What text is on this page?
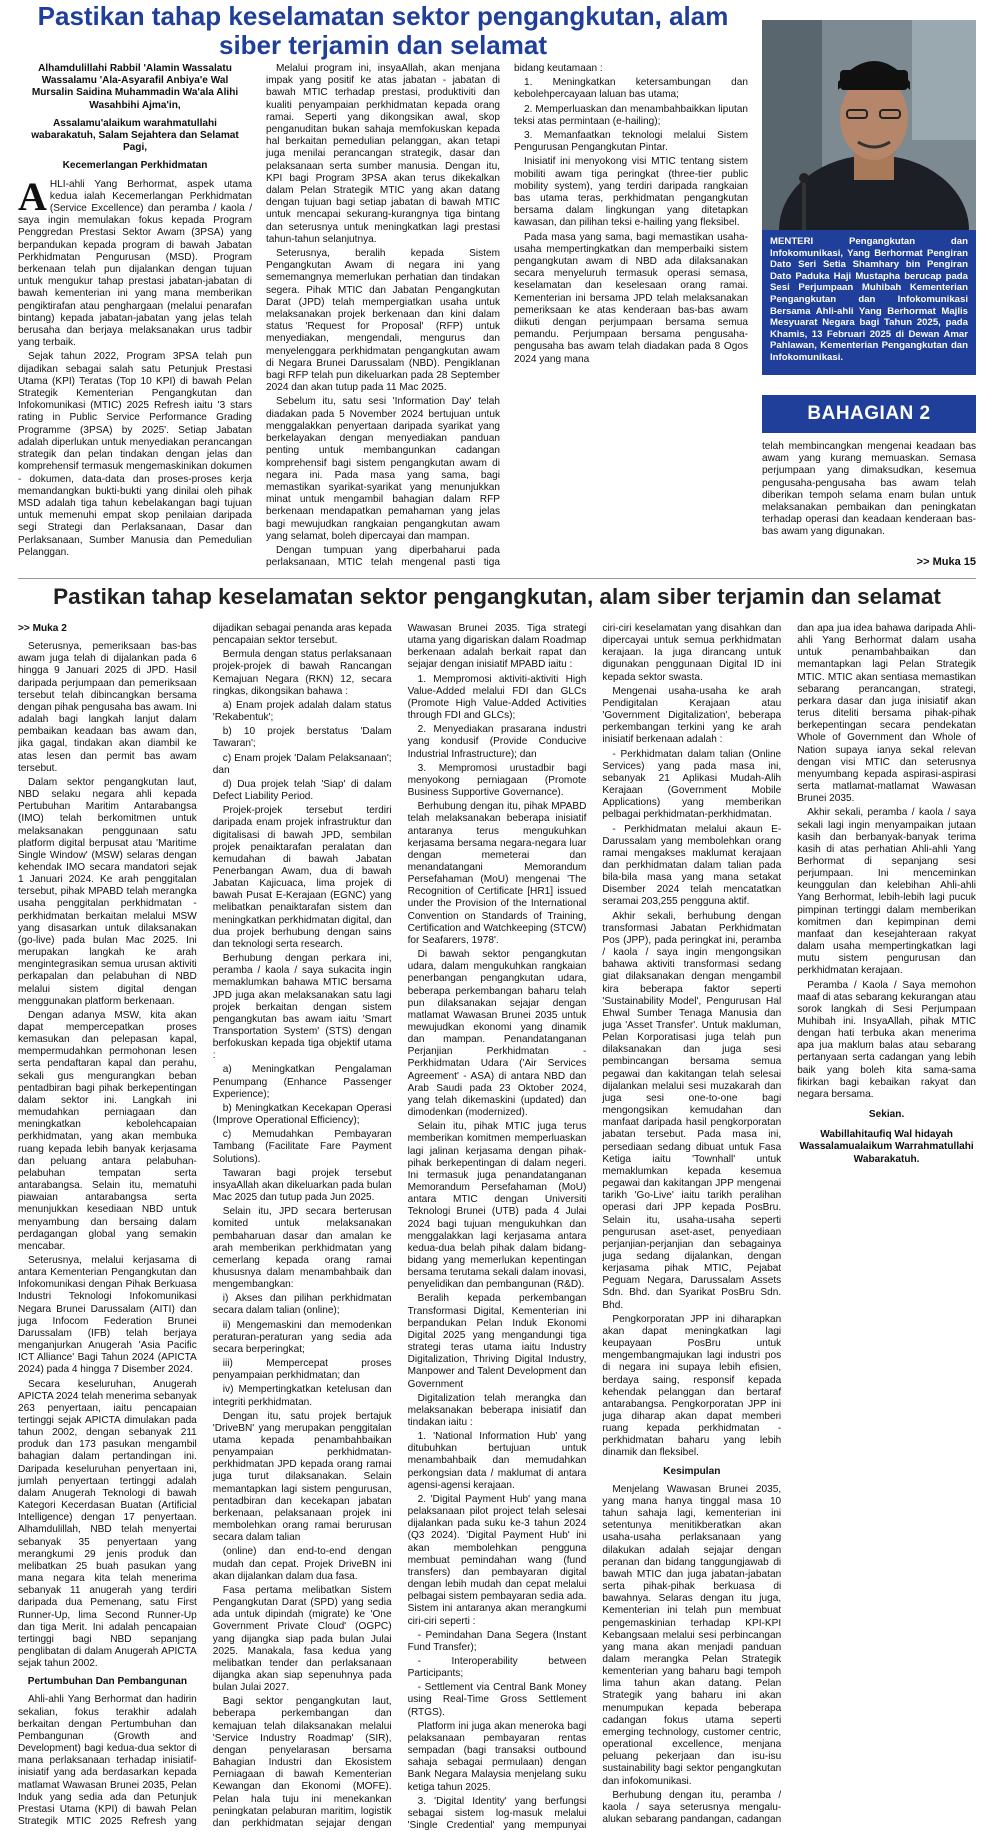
Pastikan tahap keselamatan sektor pengangkutan, alam siber terjamin dan selamat

Alhamdulillahi Rabbil 'Alamin Wassalatu Wassalamu 'Ala-Asyarafil Anbiya'e Wal Mursalin Saidina Muhammadin Wa'ala Alihi Wasahbihi Ajma'in,

Assalamu'alaikum warahmatullahi wabarakatuh, Salam Sejahtera dan Selamat Pagi,

Kecemerlangan Perkhidmatan

AHLI-ahli Yang Berhormat, aspek utama kedua ialah Kecemerlangan Perkhidmatan (Service Excellence) dan peramba / kaola / saya ingin memulakan fokus kepada Program Penggredan Prestasi Sektor Awam (3PSA) yang berpandukan kepada program di bawah Jabatan Perkhidmatan Pengurusan (MSD). Program berkenaan telah pun dijalankan dengan tujuan untuk mengukur tahap prestasi jabatan-jabatan di bawah kementerian ini yang mana memberikan pengiktirafan atau penghargaan (melalui penarafan bintang) kepada jabatan-jabatan yang jelas telah berusaha dan berjaya melaksanakan urus tadbir yang terbaik.

Sejak tahun 2022, Program 3PSA telah pun dijadikan sebagai salah satu Petunjuk Prestasi Utama (KPI) Teratas (Top 10 KPI) di bawah Pelan Strategik Kementerian Pengangkutan dan Infokomunikasi (MTIC) 2025 Refresh iaitu '3 stars rating in Public Service Performance Grading Programme (3PSA) by 2025'. Setiap Jabatan adalah diperlukan untuk menyediakan perancangan strategik dan pelan tindakan dengan jelas dan komprehensif termasuk mengemaskinikan dokumen - dokumen, data-data dan proses-proses kerja memandangkan bukti-bukti yang dinilai oleh pihak MSD adalah tiga tahun kebelakangan bagi tujuan untuk memenuhi empat skop penilaian daripada segi Strategi dan Perlaksanaan, Dasar dan Perlaksanaan, Sumber Manusia dan Pemedulian Pelanggan.

Melalui program ini, insyaAllah, akan menjana impak yang positif ke atas jabatan - jabatan di bawah MTIC terhadap prestasi, produktiviti dan kualiti penyampaian perkhidmatan kepada orang ramai. Seperti yang dikongsikan awal, skop penganuditan bukan sahaja memfokuskan kepada hal berkaitan pemedulian pelanggan, akan tetapi juga menilai perancangan strategik, dasar dan pelaksanaan serta sumber manusia. Dengan itu, KPI bagi Program 3PSA akan terus dikekalkan dalam Pelan Strategik MTIC yang akan datang dengan tujuan bagi setiap jabatan di bawah MTIC untuk mencapai sekurang-kurangnya tiga bintang dan seterusnya untuk meningkatkan lagi prestasi tahun-tahun selanjutnya.

Seterusnya, beralih kepada Sistem Pengangkutan Awam di negara ini yang sememangnya memerlukan perhatian dan tindakan segera. Pihak MTIC dan Jabatan Pengangkutan Darat (JPD) telah mempergiatkan usaha untuk melaksanakan projek berkenaan dan kini dalam status 'Request for Proposal' (RFP) untuk menyediakan, mengendali, mengurus dan menyelenggara perkhidmatan pengangkutan awam di Negara Brunei Darussalam (NBD). Pengiklanan bagi RFP telah pun dikeluarkan pada 28 September 2024 dan akan tutup pada 11 Mac 2025.

Sebelum itu, satu sesi 'Information Day' telah diadakan pada 5 November 2024 bertujuan untuk menggalakkan penyertaan daripada syarikat yang berkelayakan dengan menyediakan panduan penting untuk membangunkan cadangan komprehensif bagi sistem pengangkutan awam di negara ini. Pada masa yang sama, bagi memastikan syarikat-syarikat yang menunjukkan minat untuk mengambil bahagian dalam RFP berkenaan mendapatkan pemahaman yang jelas bagi mewujudkan rangkaian pengangkutan awam yang selamat, boleh dipercayai dan mampan.

Dengan tumpuan yang diperbaharui pada perlaksanaan, MTIC telah mengenal pasti tiga bidang keutamaan :

1. Meningkatkan ketersambungan dan kebolehpercayaan laluan bas utama;

2. Memperluaskan dan menambahbaikkan liputan teksi atas permintaan (e-hailing);

3. Memanfaatkan teknologi melalui Sistem Pengurusan Pengangkutan Pintar.

Inisiatif ini menyokong visi MTIC tentang sistem mobiliti awam tiga peringkat (three-tier public mobility system), yang terdiri daripada rangkaian bas utama teras, perkhidmatan pengangkutan bersama dalam lingkungan yang ditetapkan kawasan, dan pilihan teksi e-hailing yang fleksibel.

Pada masa yang sama, bagi memastikan usaha-usaha mempertingkatkan dan memperbaiki sistem pengangkutan awam di NBD ada dilaksanakan secara menyeluruh termasuk operasi semasa, keselamatan dan keselesaan orang ramai. Kementerian ini bersama JPD telah melaksanakan pemeriksaan ke atas kenderaan bas-bas awam diikuti dengan perjumpaan bersama semua pemandu. Perjumpaan bersama pengusaha-pengusaha bas awam telah diadakan pada 8 Ogos 2024 yang mana

MENTERI Pengangkutan dan Infokomunikasi, Yang Berhormat Pengiran Dato Seri Setia Shamhary bin Pengiran Dato Paduka Haji Mustapha berucap pada Sesi Perjumpaan Muhibah Kementerian Pengangkutan dan Infokomunikasi Bersama Ahli-ahli Yang Berhormat Majlis Mesyuarat Negara bagi Tahun 2025, pada Khamis, 13 Februari 2025 di Dewan Amar Pahlawan, Kementerian Pengangkutan dan Infokomunikasi.
BAHAGIAN 2
telah membincangkan mengenai keadaan bas awam yang kurang memuaskan. Semasa perjumpaan yang dimaksudkan, kesemua pengusaha-pengusaha bas awam telah diberikan tempoh selama enam bulan untuk melaksanakan pembaikan dan peningkatan terhadap operasi dan keadaan kenderaan bas-bas awam yang digunakan.
>> Muka 15
Pastikan tahap keselamatan sektor pengangkutan, alam siber terjamin dan selamat

>> Muka 2

Seterusnya, pemeriksaan bas-bas awam juga telah di dijalankan pada 6 hingga 9 Januari 2025 di JPD. Hasil daripada perjumpaan dan pemeriksaan tersebut telah dibincangkan bersama dengan pihak pengusaha bas awam. Ini adalah bagi langkah lanjut dalam pembaikan keadaan bas awam dan, jika gagal, tindakan akan diambil ke atas lesen dan permit bas awam tersebut.

Dalam sektor pengangkutan laut, NBD selaku negara ahli kepada Pertubuhan Maritim Antarabangsa (IMO) telah berkomitmen untuk melaksanakan penggunaan satu platform digital berpusat atau 'Maritime Single Window' (MSW) selaras dengan kehendak IMO secara mandatori sejak 1 Januari 2024. Ke arah penggitalan tersebut, pihak MPABD telah merangka usaha penggitalan perkhidmatan - perkhidmatan berkaitan melalui MSW yang disasarkan untuk dilaksanakan (go-live) pada bulan Mac 2025. Ini merupakan langkah ke arah mengintegrasikan semua urusan aktiviti perkapalan dan pelabuhan di NBD melalui sistem digital dengan menggunakan platform berkenaan.

Dengan adanya MSW, kita akan dapat mempercepatkan proses kemasukan dan pelepasan kapal, mempermudahkan permohonan lesen serta pendaftaran kapal dan perahu, sekali gus mengurangkan beban pentadbiran bagi pihak berkepentingan dalam sektor ini. Langkah ini memudahkan perniagaan dan meningkatkan kebolehcapaian perkhidmatan, yang akan membuka ruang kepada lebih banyak kerjasama dan peluang antara pelabuhan-pelabuhan tempatan serta antarabangsa. Selain itu, mematuhi piawaian antarabangsa serta menunjukkan kesediaan NBD untuk menyambung dan bersaing dalam perdagangan global yang semakin mencabar.

Seterusnya, melalui kerjasama di antara Kementerian Pengangkutan dan Infokomunikasi dengan Pihak Berkuasa Industri Teknologi Infokomunikasi Negara Brunei Darussalam (AITI) dan juga Infocom Federation Brunei Darussalam (IFB) telah berjaya menganjurkan Anugerah 'Asia Pacific ICT Alliance' Bagi Tahun 2024 (APICTA 2024) pada 4 hingga 7 Disember 2024.

Secara keseluruhan, Anugerah APICTA 2024 telah menerima sebanyak 263 penyertaan, iaitu pencapaian tertinggi sejak APICTA dimulakan pada tahun 2002, dengan sebanyak 211 produk dan 173 pasukan mengambil bahagian dalam pertandingan ini. Daripada keseluruhan penyertaan ini, jumlah penyertaan tertinggi adalah dalam Anugerah Teknologi di bawah Kategori Kecerdasan Buatan (Artificial Intelligence) dengan 17 penyertaan. Alhamdulillah, NBD telah menyertai sebanyak 35 penyertaan yang merangkumi 29 jenis produk dan melibatkan 25 buah pasukan yang mana negara kita telah menerima sebanyak 11 anugerah yang terdiri daripada dua Pemenang, satu First Runner-Up, lima Second Runner-Up dan tiga Merit. Ini adalah pencapaian tertinggi bagi NBD sepanjang penglibatan di dalam Anugerah APICTA sejak tahun 2002.

Pertumbuhan Dan Pembangunan

Ahli-ahli Yang Berhormat dan hadirin sekalian, fokus terakhir adalah berkaitan dengan Pertumbuhan dan Pembangunan (Growth and Development) bagi kedua-dua sektor di mana perlaksanaan terhadap inisiatif-inisiatif yang ada berdasarkan kepada matlamat Wawasan Brunei 2035, Pelan Induk yang sedia ada dan Petunjuk Prestasi Utama (KPI) di bawah Pelan Strategik MTIC 2025 Refresh yang dijadikan sebagai penanda aras kepada pencapaian sektor tersebut.

Bermula dengan status perlaksanaan projek-projek di bawah Rancangan Kemajuan Negara (RKN) 12, secara ringkas, dikongsikan bahawa :

a) Enam projek adalah dalam status 'Rekabentuk';

b) 10 projek berstatus 'Dalam Tawaran';

c) Enam projek 'Dalam Pelaksanaan'; dan

d) Dua projek telah 'Siap' di dalam Defect Liability Period.

Projek-projek tersebut terdiri daripada enam projek infrastruktur dan digitalisasi di bawah JPD, sembilan projek penaiktarafan peralatan dan kemudahan di bawah Jabatan Penerbangan Awam, dua di bawah Jabatan Kajicuaca, lima projek di bawah Pusat E-Kerajaan (EGNC) yang melibatkan penaiktarafan sistem dan meningkatkan perkhidmatan digital, dan dua projek berhubung dengan sains dan teknologi serta research.

Berhubung dengan perkara ini, peramba / kaola / saya sukacita ingin memaklumkan bahawa MTIC bersama JPD juga akan melaksanakan satu lagi projek berkaitan dengan sistem pengangkutan bas awam iaitu 'Smart Transportation System' (STS) dengan berfokuskan kepada tiga objektif utama :

a) Meningkatkan Pengalaman Penumpang (Enhance Passenger Experience);

b) Meningkatkan Kecekapan Operasi (Improve Operational Efficiency);

c) Memudahkan Pembayaran Tambang (Facilitate Fare Payment Solutions).

Tawaran bagi projek tersebut insyaAllah akan dikeluarkan pada bulan Mac 2025 dan tutup pada Jun 2025.

Selain itu, JPD secara berterusan komited untuk melaksanakan pembaharuan dasar dan amalan ke arah memberikan perkhidmatan yang cemerlang kepada orang ramai khususnya dalam menambahbaik dan mengembangkan:

i) Akses dan pilihan perkhidmatan secara dalam talian (online);

ii) Mengemaskini dan memodenkan peraturan-peraturan yang sedia ada secara berperingkat;

iii) Mempercepat proses penyampaian perkhidmatan; dan

iv) Mempertingkatkan ketelusan dan integriti perkhidmatan.

Dengan itu, satu projek bertajuk 'DriveBN' yang merupakan penggitalan utama kepada penambahbaikan penyampaian perkhidmatan-perkhidmatan JPD kepada orang ramai juga turut dilaksanakan. Selain memantapkan lagi sistem pengurusan, pentadbiran dan kecekapan jabatan berkenaan, pelaksanaan projek ini membolehkan orang ramai berurusan secara dalam talian

(online) dan end-to-end dengan mudah dan cepat. Projek DriveBN ini akan dijalankan dalam dua fasa.

Fasa pertama melibatkan Sistem Pengangkutan Darat (SPD) yang sedia ada untuk dipindah (migrate) ke 'One Government Private Cloud' (OGPC) yang dijangka siap pada bulan Julai 2025. Manakala, fasa kedua yang melibatkan tender dan perlaksanaan dijangka akan siap sepenuhnya pada bulan Julai 2027.

Bagi sektor pengangkutan laut, beberapa perkembangan dan kemajuan telah dilaksanakan melalui 'Service Industry Roadmap' (SIR), dengan penyelarasan bersama Bahagian Industri dan Ekosistem Perniagaan di bawah Kementerian Kewangan dan Ekonomi (MOFE). Pelan hala tuju ini menekankan peningkatan pelaburan maritim, logistik dan perkhidmatan sejajar dengan Wawasan Brunei 2035. Tiga strategi utama yang digariskan dalam Roadmap berkenaan adalah berkait rapat dan sejajar dengan inisiatif MPABD iaitu :

1. Mempromosi aktiviti-aktiviti High Value-Added melalui FDI dan GLCs (Promote High Value-Added Activities through FDI and GLCs);

2. Menyediakan prasarana industri yang kondusif (Provide Conducive Industrial Infrastructure); dan

3. Mempromosi urustadbir bagi menyokong perniagaan (Promote Business Supportive Governance).

Berhubung dengan itu, pihak MPABD telah melaksanakan beberapa inisiatif antaranya terus mengukuhkan kerjasama bersama negara-negara luar dengan memeterai dan menandatangani Memorandum Persefahaman (MoU) mengenai 'The Recognition of Certificate [HR1] issued under the Provision of the International Convention on Standards of Training, Certification and Watchkeeping (STCW) for Seafarers, 1978'.

Di bawah sektor pengangkutan udara, dalam mengukuhkan rangkaian penerbangan pengangkutan udara, beberapa perkembangan baharu telah pun dilaksanakan sejajar dengan matlamat Wawasan Brunei 2035 untuk mewujudkan ekonomi yang dinamik dan mampan. Penandatanganan Perjanjian Perkhidmatan - Perkhidmatan Udara ('Air Services Agreement' - ASA) di antara NBD dan Arab Saudi pada 23 Oktober 2024, yang telah dikemaskini (updated) dan dimodenkan (modernized).

Selain itu, pihak MTIC juga terus memberikan komitmen memperluaskan lagi jalinan kerjasama dengan pihak-pihak berkepentingan di dalam negeri. Ini termasuk juga penandatanganan Memorandum Persefahaman (MoU) antara MTIC dengan Universiti Teknologi Brunei (UTB) pada 4 Julai 2024 bagi tujuan mengukuhkan dan menggalakkan lagi kerjasama antara kedua-dua belah pihak dalam bidang-bidang yang memerlukan kepentingan bersama terutama sekali dalam inovasi, penyelidikan dan pembangunan (R&D).

Beralih kepada perkembangan Transformasi Digital, Kementerian ini berpandukan Pelan Induk Ekonomi Digital 2025 yang mengandungi tiga strategi teras utama iaitu Industry Digitalization, Thriving Digital Industry, Manpower and Talent Development dan Government

Digitalization telah merangka dan melaksanakan beberapa inisiatif dan tindakan iaitu :

1. 'National Information Hub' yang ditubuhkan bertujuan untuk menambahbaik dan memudahkan perkongsian data / maklumat di antara agensi-agensi kerajaan.

2. 'Digital Payment Hub' yang mana pelaksanaan pilot project telah selesai dijalankan pada suku ke-3 tahun 2024 (Q3 2024). 'Digital Payment Hub' ini akan membolehkan pengguna membuat pemindahan wang (fund transfers) dan pembayaran digital dengan lebih mudah dan cepat melalui pelbagai sistem pembayaran sedia ada. Sistem ini antaranya akan merangkumi ciri-ciri seperti :

- Pemindahan Dana Segera (Instant Fund Transfer);

- Interoperability between Participants;

- Settlement via Central Bank Money using Real-Time Gross Settlement (RTGS).

Platform ini juga akan meneroka bagi pelaksanaan pembayaran rentas sempadan (bagi transaksi outbound sahaja sebagai permulaan) dengan Bank Negara Malaysia menjelang suku ketiga tahun 2025.

3. 'Digital Identity' yang berfungsi sebagai sistem log-masuk melalui 'Single Credential' yang mempunyai ciri-ciri keselamatan yang disahkan dan dipercayai untuk semua perkhidmatan kerajaan. Ia juga dirancang untuk digunakan penggunaan Digital ID ini kepada sektor swasta.

Mengenai usaha-usaha ke arah Pendigitalan Kerajaan atau 'Government Digitalization', beberapa perkembangan terkini yang ke arah inisiatif berkenaan adalah :

- Perkhidmatan dalam talian (Online Services) yang pada masa ini, sebanyak 21 Aplikasi Mudah-Alih Kerajaan (Government Mobile Applications) yang memberikan pelbagai perkhidmatan-perkhidmatan.

- Perkhidmatan melalui akaun E-Darussalam yang membolehkan orang ramai mengakses maklumat kerajaan dan perkhidmatan dalam talian pada bila-bila masa yang mana setakat Disember 2024 telah mencatatkan seramai 203,255 pengguna aktif.

Akhir sekali, berhubung dengan transformasi Jabatan Perkhidmatan Pos (JPP), pada peringkat ini, peramba / kaola / saya ingin mengongsikan bahawa aktiviti transformasi sedang giat dilaksanakan dengan mengambil kira beberapa faktor seperti 'Sustainability Model', Pengurusan Hal Ehwal Sumber Tenaga Manusia dan juga 'Asset Transfer'. Untuk makluman, Pelan Korporatisasi juga telah pun dilaksanakan dan juga sesi pembincangan bersama semua pegawai dan kakitangan telah selesai dijalankan melalui sesi muzakarah dan juga sesi one-to-one bagi mengongsikan kemudahan dan manfaat daripada hasil pengkorporatan jabatan tersebut. Pada masa ini, persediaan sedang dibuat untuk Fasa Ketiga iaitu 'Townhall' untuk memaklumkan kepada kesemua pegawai dan kakitangan JPP mengenai tarikh 'Go-Live' iaitu tarikh peralihan operasi dari JPP kepada PosBru. Selain itu, usaha-usaha seperti pengurusan aset-aset, penyediaan perjanjian-perjanjian dan sebagainya juga sedang dijalankan, dengan kerjasama pihak MTIC, Pejabat Peguam Negara, Darussalam Assets Sdn. Bhd. dan Syarikat PosBru Sdn. Bhd.

Pengkorporatan JPP ini diharapkan akan dapat meningkatkan lagi keupayaan PosBru untuk mengembangmajukan lagi industri pos di negara ini supaya lebih efisien, berdaya saing, responsif kepada kehendak pelanggan dan bertaraf antarabangsa. Pengkorporatan JPP ini juga diharap akan dapat memberi ruang kepada perkhidmatan - perkhidmatan baharu yang lebih dinamik dan fleksibel.

Kesimpulan

Menjelang Wawasan Brunei 2035, yang mana hanya tinggal masa 10 tahun sahaja lagi, kementerian ini setentunya menitikberatkan akan usaha-usaha perlaksanaan yang dilakukan adalah sejajar dengan peranan dan bidang tanggungjawab di bawah MTIC dan juga jabatan-jabatan serta pihak-pihak berkuasa di bawahnya. Selaras dengan itu juga, Kementerian ini telah pun membuat pengemaskinian terhadap KPI-KPI Kebangsaan melalui sesi perbincangan yang mana akan menjadi panduan dalam merangka Pelan Strategik kementerian yang baharu bagi tempoh lima tahun akan datang. Pelan Strategik yang baharu ini akan menumpukan kepada beberapa cadangan fokus utama seperti emerging technology, customer centric, operational excellence, menjana peluang pekerjaan dan isu-isu sustainability bagi sektor pengangkutan dan infokomunikasi.

Berhubung dengan itu, peramba / kaola / saya seterusnya mengalu-alukan sebarang pandangan, cadangan dan apa jua idea bahawa daripada Ahli-ahli Yang Berhormat dalam usaha untuk penambahbaikan dan memantapkan lagi Pelan Strategik MTIC. MTIC akan sentiasa memastikan sebarang perancangan, strategi, perkara dasar dan juga inisiatif akan terus diteliti bersama pihak-pihak berkepentingan secara pendekatan Whole of Government dan Whole of Nation supaya ianya sekal relevan dengan visi MTIC dan seterusnya menyumbang kepada aspirasi-aspirasi serta matlamat-matlamat Wawasan Brunei 2035.

Akhir sekali, peramba / kaola / saya sekali lagi ingin menyampaikan jutaan kasih dan berbanyak-banyak terima kasih di atas perhatian Ahli-ahli Yang Berhormat di sepanjang sesi perjumpaan. Ini menceminkan keunggulan dan kelebihan Ahli-ahli Yang Berhormat, lebih-lebih lagi pucuk pimpinan tertinggi dalam memberikan komitmen dan kepimpinan demi manfaat dan kesejahteraan rakyat dalam usaha mempertingkatkan lagi mutu sistem pengurusan dan perkhidmatan kerajaan.

Peramba / Kaola / Saya memohon maaf di atas sebarang kekurangan atau sorok langkah di Sesi Perjumpaan Muhibah ini. InsyaAllah, pihak MTIC dengan hati terbuka akan menerima apa jua maklum balas atau sebarang pertanyaan serta cadangan yang lebih baik yang boleh kita sama-sama fikirkan bagi kebaikan rakyat dan negara bersama.

Sekian.

Wabillahitaufiq Wal hidayah Wassalamualaikum Warrahmatullahi Wabarakatuh.
